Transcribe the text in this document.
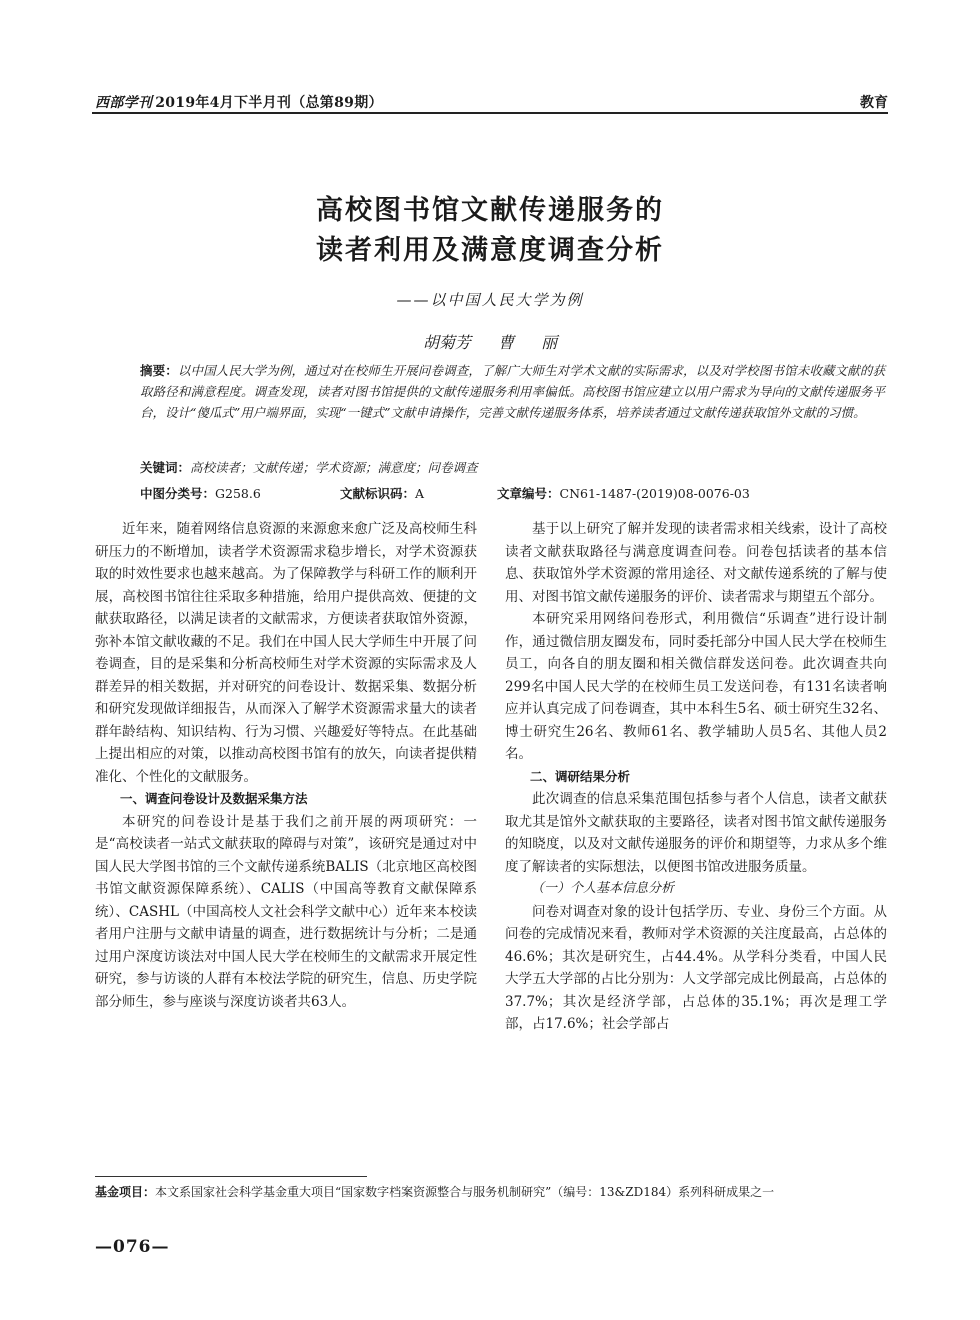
西部学刊 2019年4月下半月刊（总第89期）	教育
高校图书馆文献传递服务的
读者利用及满意度调查分析
——以中国人民大学为例
胡菊芳 曹 丽
摘要：以中国人民大学为例，通过对在校师生开展问卷调查，了解广大师生对学术文献的实际需求，以及对学校图书馆未收藏文献的获取路径和满意程度。调查发现，读者对图书馆提供的文献传递服务利用率偏低。高校图书馆应建立以用户需求为导向的文献传递服务平台，设计“傻瓜式”用户端界面，实现“一键式”文献申请操作，完善文献传递服务体系，培养读者通过文献传递获取馆外文献的习惯。
关键词：高校读者；文献传递；学术资源；满意度；问卷调查
中图分类号：G258.6	文献标识码：A	文章编号：CN61-1487-(2019)08-0076-03

近年来，随着网络信息资源的来源愈来愈广泛及高校师生科研压力的不断增加，读者学术资源需求稳步增长，对学术资源获取的时效性要求也越来越高。为了保障教学与科研工作的顺利开展，高校图书馆往往采取多种措施，给用户提供高效、便捷的文献获取路径，以满足读者的文献需求，方便读者获取馆外资源，弥补本馆文献收藏的不足。我们在中国人民大学师生中开展了问卷调查，目的是采集和分析高校师生对学术资源的实际需求及人群差异的相关数据，并对研究的问卷设计、数据采集、数据分析和研究发现做详细报告，从而深入了解学术资源需求量大的读者群年龄结构、知识结构、行为习惯、兴趣爱好等特点。在此基础上提出相应的对策，以推动高校图书馆有的放矢，向读者提供精准化、个性化的文献服务。

一、调查问卷设计及数据采集方法

本研究的问卷设计是基于我们之前开展的两项研究：一是“高校读者一站式文献获取的障碍与对策”，该研究是通过对中国人民大学图书馆的三个文献传递系统BALIS（北京地区高校图书馆文献资源保障系统）、CALIS（中国高等教育文献保障系统）、CASHL（中国高校人文社会科学文献中心）近年来本校读者用户注册与文献申请量的调查，进行数据统计与分析；二是通过用户深度访谈法对中国人民大学在校师生的文献需求开展定性研究，参与访谈的人群有本校法学院的研究生，信息、历史学院部分师生，参与座谈与深度访谈者共63人。

基于以上研究了解并发现的读者需求相关线索，设计了高校读者文献获取路径与满意度调查问卷。问卷包括读者的基本信息、获取馆外学术资源的常用途径、对文献传递系统的了解与使用、对图书馆文献传递服务的评价、读者需求与期望五个部分。

本研究采用网络问卷形式，利用微信“乐调查”进行设计制作，通过微信朋友圈发布，同时委托部分中国人民大学在校师生员工，向各自的朋友圈和相关微信群发送问卷。此次调查共向299名中国人民大学的在校师生员工发送问卷，有131名读者响应并认真完成了问卷调查，其中本科生5名、硕士研究生32名、博士研究生26名、教师61名、教学辅助人员5名、其他人员2名。

二、调研结果分析

此次调查的信息采集范围包括参与者个人信息，读者文献获取尤其是馆外文献获取的主要路径，读者对图书馆文献传递服务的知晓度，以及对文献传递服务的评价和期望等，力求从多个维度了解读者的实际想法，以便图书馆改进服务质量。

（一）个人基本信息分析

问卷对调查对象的设计包括学历、专业、身份三个方面。从问卷的完成情况来看，教师对学术资源的关注度最高，占总体的46.6%；其次是研究生，占44.4%。从学科分类看，中国人民大学五大学部的占比分别为：人文学部完成比例最高，占总体的37.7%；其次是经济学部，占总体的35.1%；再次是理工学部，占17.6%；社会学部占

基金项目：本文系国家社会科学基金重大项目“国家数字档案资源整合与服务机制研究”（编号：13&ZD184）系列科研成果之一
—076—
